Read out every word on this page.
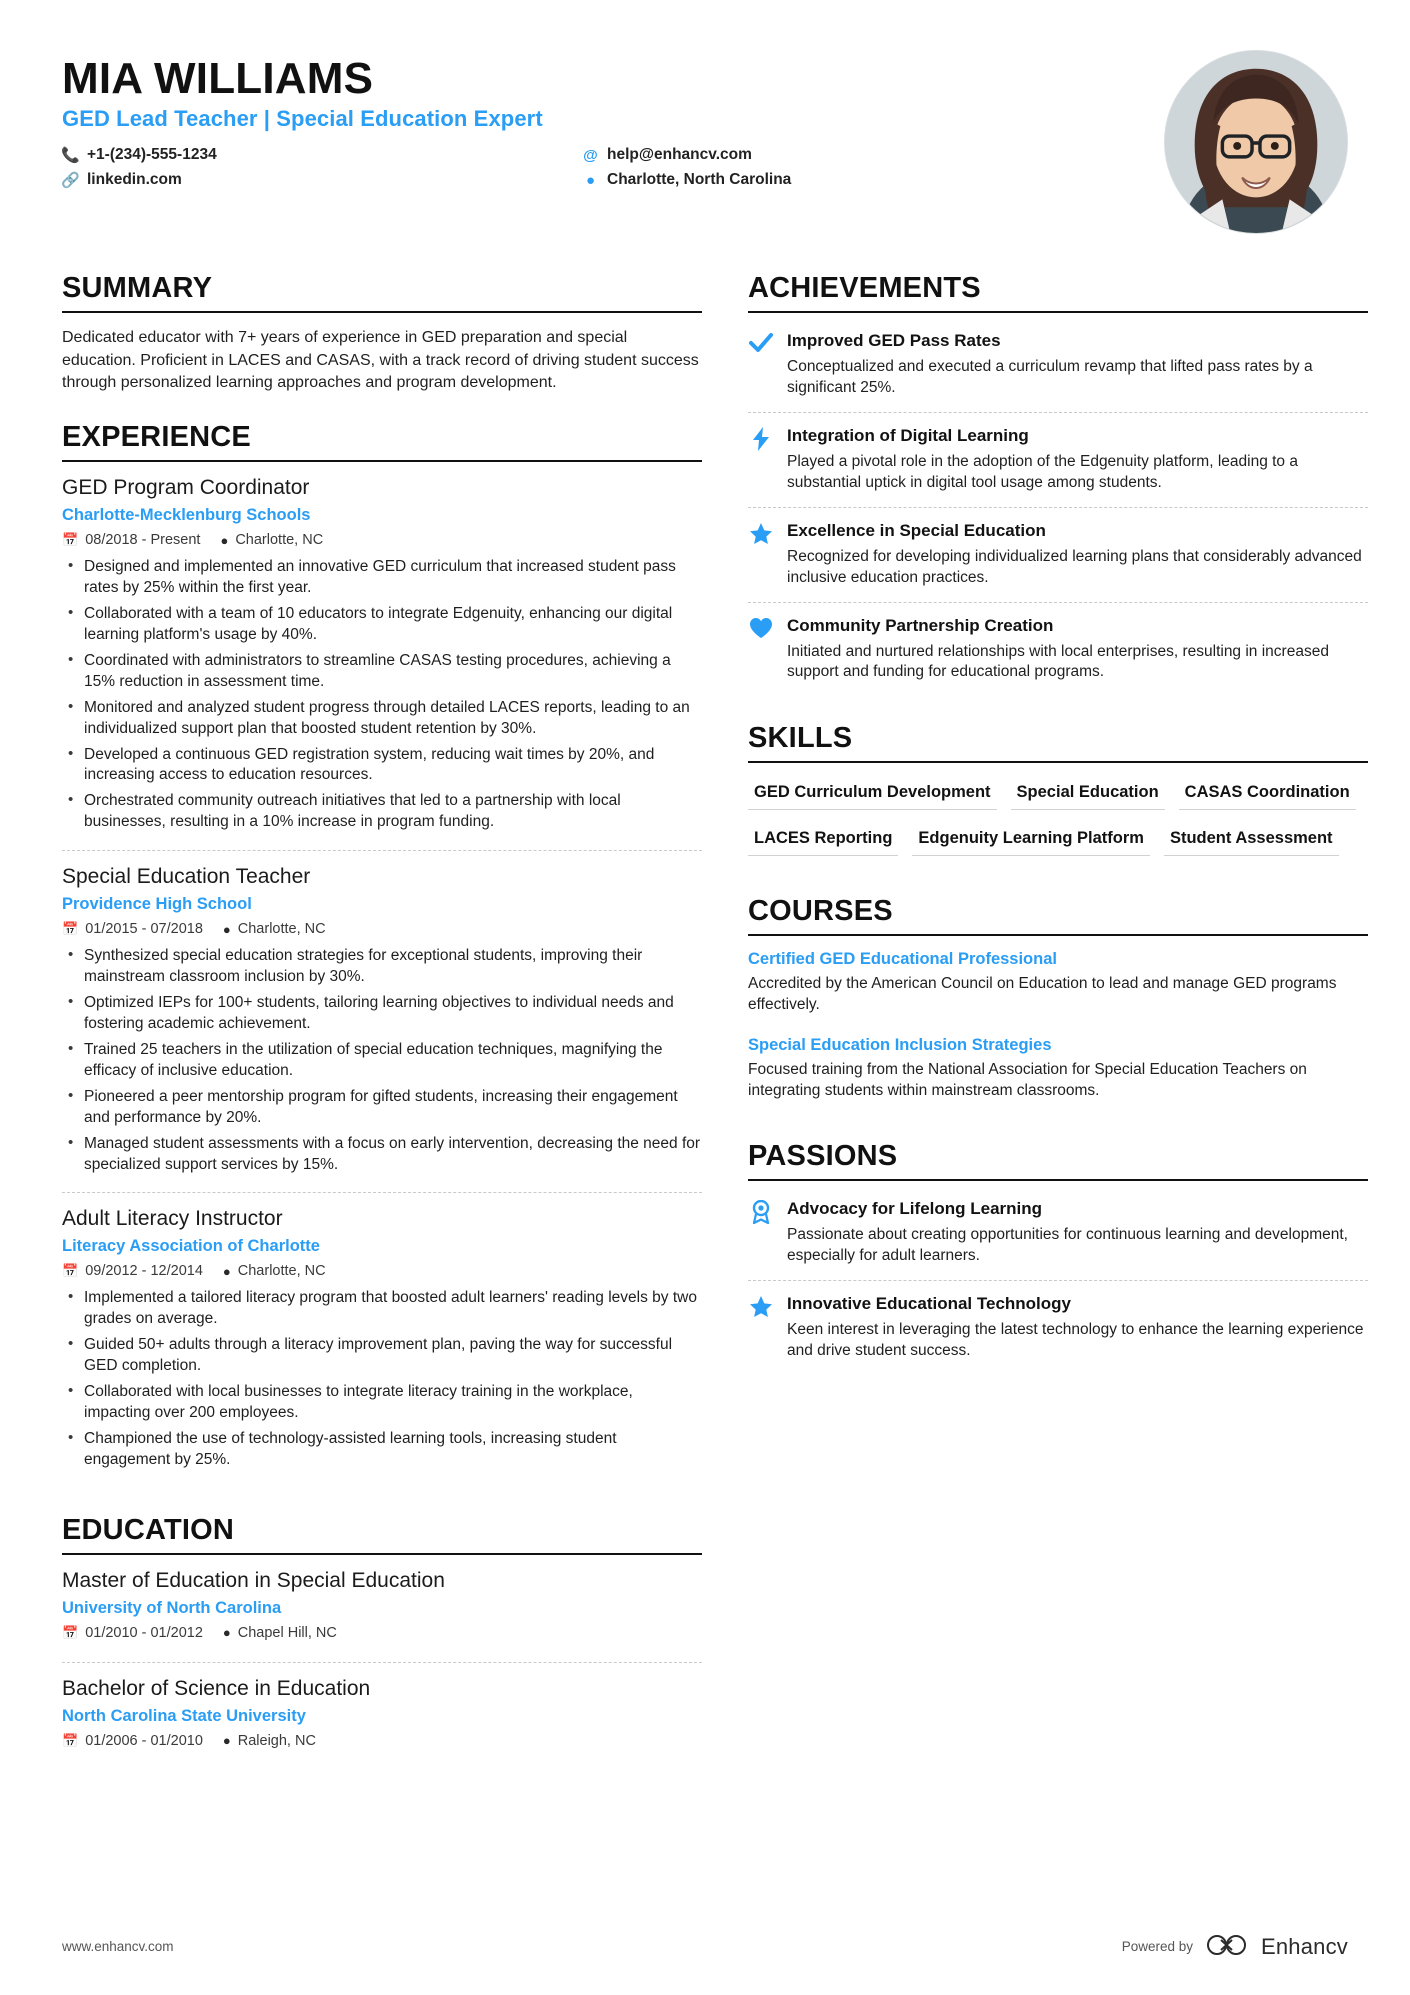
MIA WILLIAMS
GED Lead Teacher | Special Education Expert
📞 +1-(234)-555-1234	@ help@enhancv.com
🔗 linkedin.com	● Charlotte, North Carolina
SUMMARY

Dedicated educator with 7+ years of experience in GED preparation and special education. Proficient in LACES and CASAS, with a track record of driving student success through personalized learning approaches and program development.

EXPERIENCE
GED Program Coordinator
Charlotte-Mecklenburg Schools
📅 08/2018 - Present ● Charlotte, NC
• Designed and implemented an innovative GED curriculum that increased student pass rates by 25% within the first year.
• Collaborated with a team of 10 educators to integrate Edgenuity, enhancing our digital learning platform's usage by 40%.
• Coordinated with administrators to streamline CASAS testing procedures, achieving a 15% reduction in assessment time.
• Monitored and analyzed student progress through detailed LACES reports, leading to an individualized support plan that boosted student retention by 30%.
• Developed a continuous GED registration system, reducing wait times by 20%, and increasing access to education resources.
• Orchestrated community outreach initiatives that led to a partnership with local businesses, resulting in a 10% increase in program funding.
Special Education Teacher
Providence High School
📅 01/2015 - 07/2018 ● Charlotte, NC
• Synthesized special education strategies for exceptional students, improving their mainstream classroom inclusion by 30%.
• Optimized IEPs for 100+ students, tailoring learning objectives to individual needs and fostering academic achievement.
• Trained 25 teachers in the utilization of special education techniques, magnifying the efficacy of inclusive education.
• Pioneered a peer mentorship program for gifted students, increasing their engagement and performance by 20%.
• Managed student assessments with a focus on early intervention, decreasing the need for specialized support services by 15%.
Adult Literacy Instructor
Literacy Association of Charlotte
📅 09/2012 - 12/2014 ● Charlotte, NC
• Implemented a tailored literacy program that boosted adult learners' reading levels by two grades on average.
• Guided 50+ adults through a literacy improvement plan, paving the way for successful GED completion.
• Collaborated with local businesses to integrate literacy training in the workplace, impacting over 200 employees.
• Championed the use of technology-assisted learning tools, increasing student engagement by 25%.
EDUCATION
Master of Education in Special Education
University of North Carolina
📅 01/2010 - 01/2012 ● Chapel Hill, NC
Bachelor of Science in Education
North Carolina State University
📅 01/2006 - 01/2010 ● Raleigh, NC
ACHIEVEMENTS
Improved GED Pass Rates
Conceptualized and executed a curriculum revamp that lifted pass rates by a significant 25%.
Integration of Digital Learning
Played a pivotal role in the adoption of the Edgenuity platform, leading to a substantial uptick in digital tool usage among students.
Excellence in Special Education
Recognized for developing individualized learning plans that considerably advanced inclusive education practices.
Community Partnership Creation
Initiated and nurtured relationships with local enterprises, resulting in increased support and funding for educational programs.
SKILLS
GED Curriculum Development	Special Education	CASAS Coordination
LACES Reporting	Edgenuity Learning Platform	Student Assessment
COURSES
Certified GED Educational Professional
Accredited by the American Council on Education to lead and manage GED programs effectively.
Special Education Inclusion Strategies
Focused training from the National Association for Special Education Teachers on integrating students within mainstream classrooms.
PASSIONS
Advocacy for Lifelong Learning
Passionate about creating opportunities for continuous learning and development, especially for adult learners.
Innovative Educational Technology
Keen interest in leveraging the latest technology to enhance the learning experience and drive student success.
www.enhancv.com	Powered by	Enhancv
